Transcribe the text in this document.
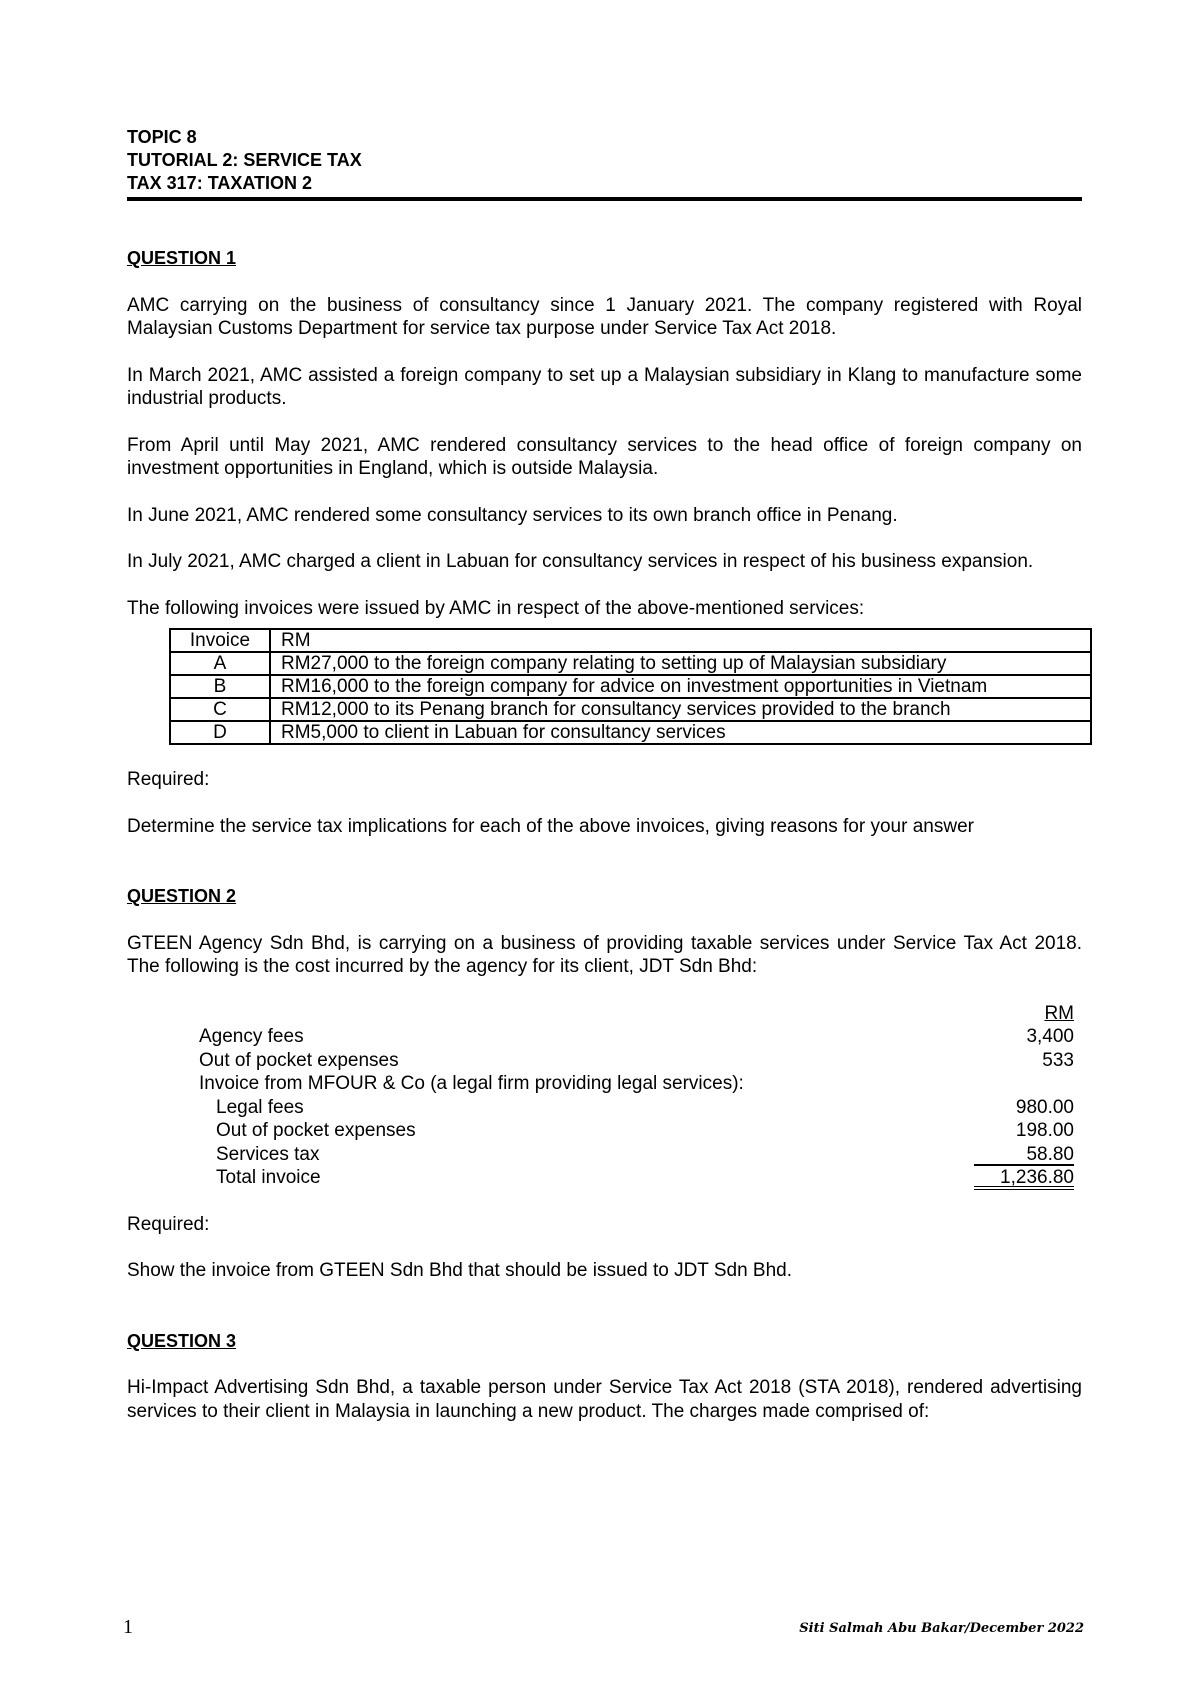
TOPIC 8
TUTORIAL 2: SERVICE TAX
TAX 317: TAXATION 2
QUESTION 1

AMC carrying on the business of consultancy since 1 January 2021. The company registered with Royal Malaysian Customs Department for service tax purpose under Service Tax Act 2018.

In March 2021, AMC assisted a foreign company to set up a Malaysian subsidiary in Klang to manufacture some industrial products.

From April until May 2021, AMC rendered consultancy services to the head office of foreign company on investment opportunities in England, which is outside Malaysia.

In June 2021, AMC rendered some consultancy services to its own branch office in Penang.

In July 2021, AMC charged a client in Labuan for consultancy services in respect of his business expansion.

The following invoices were issued by AMC in respect of the above-mentioned services:

Invoice	RM
A	RM27,000 to the foreign company relating to setting up of Malaysian subsidiary
B	RM16,000 to the foreign company for advice on investment opportunities in Vietnam
C	RM12,000 to its Penang branch for consultancy services provided to the branch
D	RM5,000 to client in Labuan for consultancy services

Required:

Determine the service tax implications for each of the above invoices, giving reasons for your answer

QUESTION 2

GTEEN Agency Sdn Bhd, is carrying on a business of providing taxable services under Service Tax Act 2018. The following is the cost incurred by the agency for its client, JDT Sdn Bhd:

RM
Agency fees	3,400
Out of pocket expenses	533
Invoice from MFOUR & Co (a legal firm providing legal services):
Legal fees	980.00
Out of pocket expenses	198.00
Services tax	58.80
Total invoice	1,236.80

Required:

Show the invoice from GTEEN Sdn Bhd that should be issued to JDT Sdn Bhd.

QUESTION 3

Hi-Impact Advertising Sdn Bhd, a taxable person under Service Tax Act 2018 (STA 2018), rendered advertising services to their client in Malaysia in launching a new product. The charges made comprised of:

1	Siti Salmah Abu Bakar/December 2022
